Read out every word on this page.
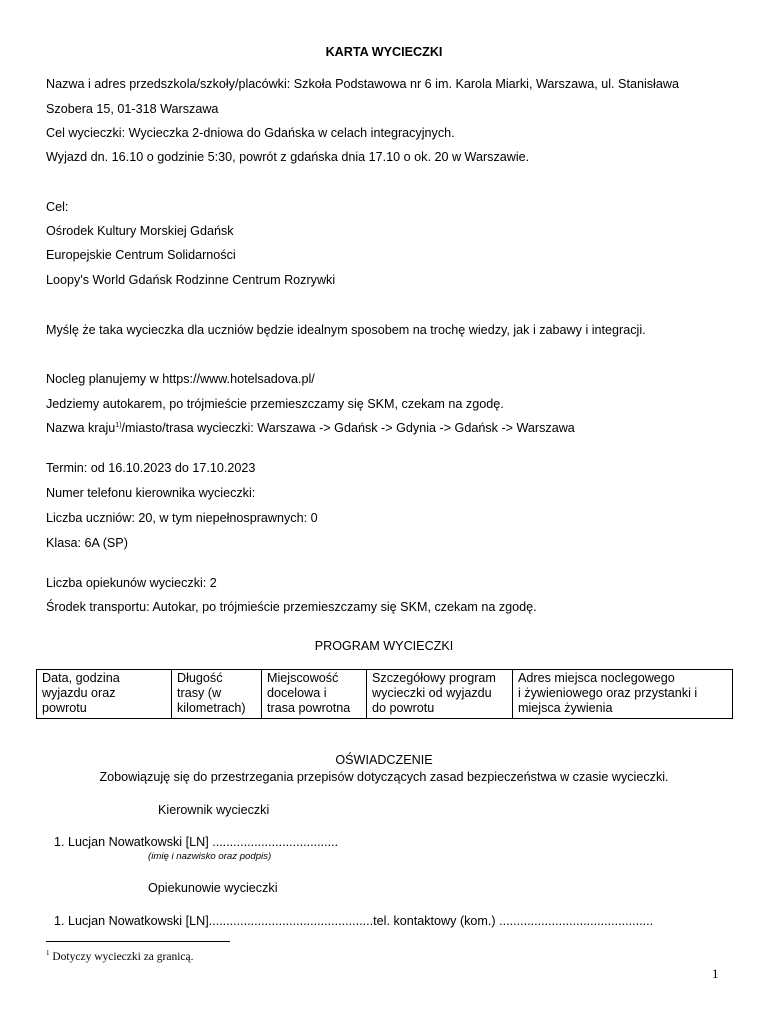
KARTA WYCIECZKI
Nazwa i adres przedszkola/szkoły/placówki: Szkoła Podstawowa nr 6 im. Karola Miarki, Warszawa, ul. Stanisława
Szobera 15, 01-318 Warszawa
Cel wycieczki: Wycieczka 2-dniowa do Gdańska w celach integracyjnych.
Wyjazd dn. 16.10 o godzinie 5:30, powrót z gdańska dnia 17.10 o ok. 20 w Warszawie.
Cel:
Ośrodek Kultury Morskiej Gdańsk
Europejskie Centrum Solidarności
Loopy's World Gdańsk Rodzinne Centrum Rozrywki
Myślę że taka wycieczka dla uczniów będzie idealnym sposobem na trochę wiedzy, jak i zabawy i integracji.
Nocleg planujemy w https://www.hotelsadova.pl/
Jedziemy autokarem, po trójmieście przemieszczamy się SKM, czekam na zgodę.
Nazwa kraju$^{1)}$/miasto/trasa wycieczki: Warszawa -> Gdańsk -> Gdynia -> Gdańsk -> Warszawa
Termin: od 16.10.2023 do 17.10.2023
Numer telefonu kierownika wycieczki:
Liczba uczniów: 20, w tym niepełnosprawnych: 0
Klasa: 6A (SP)
Liczba opiekunów wycieczki: 2
Środek transportu: Autokar, po trójmieście przemieszczamy się SKM, czekam na zgodę.
PROGRAM WYCIECZKI
Data, godzina
wyjazdu oraz
powrotu	Długość
trasy (w
kilometrach)	Miejscowość
docelowa i
trasa powrotna	Szczegółowy program
wycieczki od wyjazdu
do powrotu	Adres miejsca noclegowego
i żywieniowego oraz przystanki i
miejsca żywienia
OŚWIADCZENIE
Zobowiązuję się do przestrzegania przepisów dotyczących zasad bezpieczeństwa w czasie wycieczki.
Kierownik wycieczki
1. Lucjan Nowatkowski [LN] ....................................
(imię i nazwisko oraz podpis)
Opiekunowie wycieczki
1. Lucjan Nowatkowski [LN]...............................................tel. kontaktowy (kom.) ............................................
$^1$ Dotyczy wycieczki za granicą.
1
